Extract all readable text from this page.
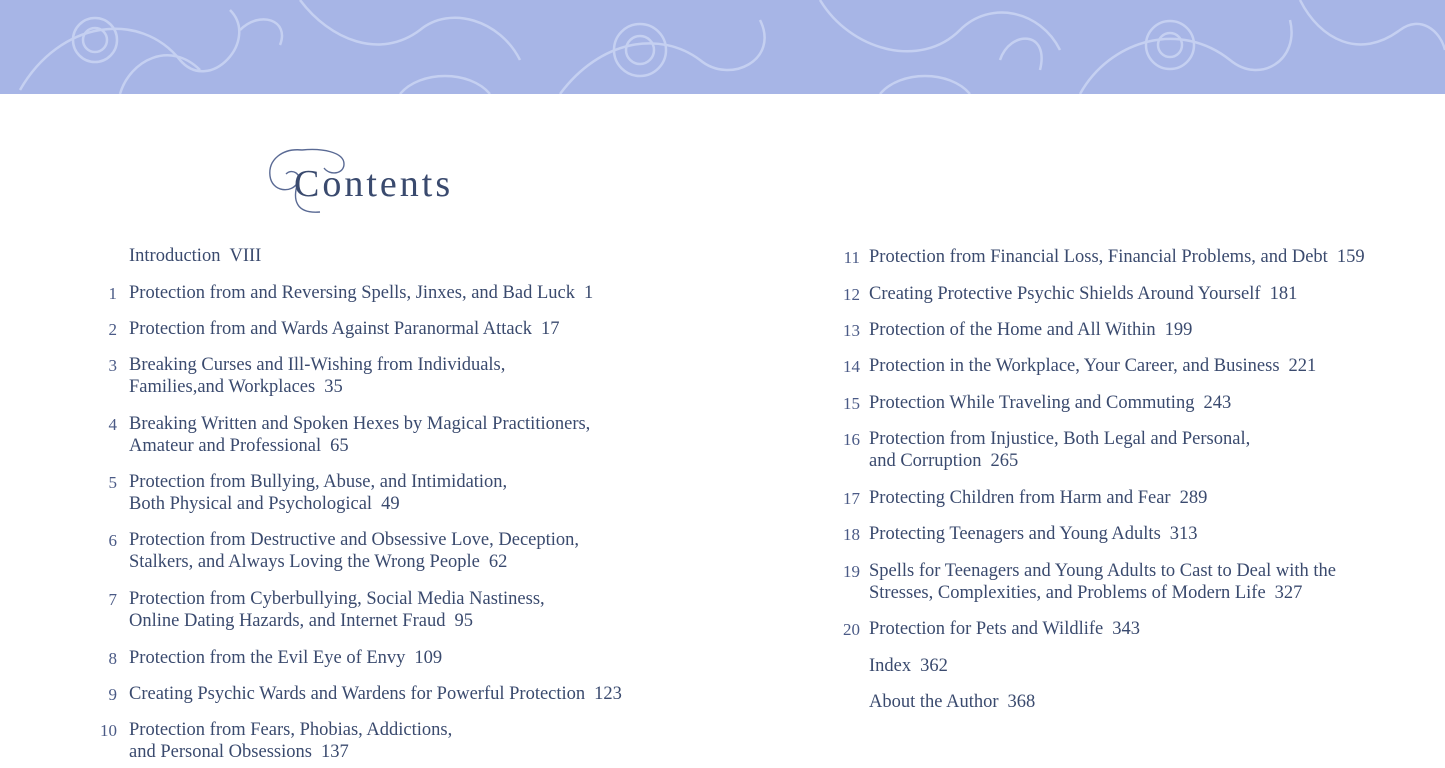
Contents
Introduction VIII
1 Protection from and Reversing Spells, Jinxes, and Bad Luck 1
2 Protection from and Wards Against Paranormal Attack 17
3 Breaking Curses and Ill-Wishing from Individuals,
Families,and Workplaces 35
4 Breaking Written and Spoken Hexes by Magical Practitioners,
Amateur and Professional 65
5 Protection from Bullying, Abuse, and Intimidation,
Both Physical and Psychological 49
6 Protection from Destructive and Obsessive Love, Deception,
Stalkers, and Always Loving the Wrong People 62
7 Protection from Cyberbullying, Social Media Nastiness,
Online Dating Hazards, and Internet Fraud 95
8 Protection from the Evil Eye of Envy 109
9 Creating Psychic Wards and Wardens for Powerful Protection 123
10 Protection from Fears, Phobias, Addictions,
and Personal Obsessions 137
11 Protection from Financial Loss, Financial Problems, and Debt 159
12 Creating Protective Psychic Shields Around Yourself 181
13 Protection of the Home and All Within 199
14 Protection in the Workplace, Your Career, and Business 221
15 Protection While Traveling and Commuting 243
16 Protection from Injustice, Both Legal and Personal,
and Corruption 265
17 Protecting Children from Harm and Fear 289
18 Protecting Teenagers and Young Adults 313
19 Spells for Teenagers and Young Adults to Cast to Deal with the
Stresses, Complexities, and Problems of Modern Life 327
20 Protection for Pets and Wildlife 343
Index 362
About the Author 368
